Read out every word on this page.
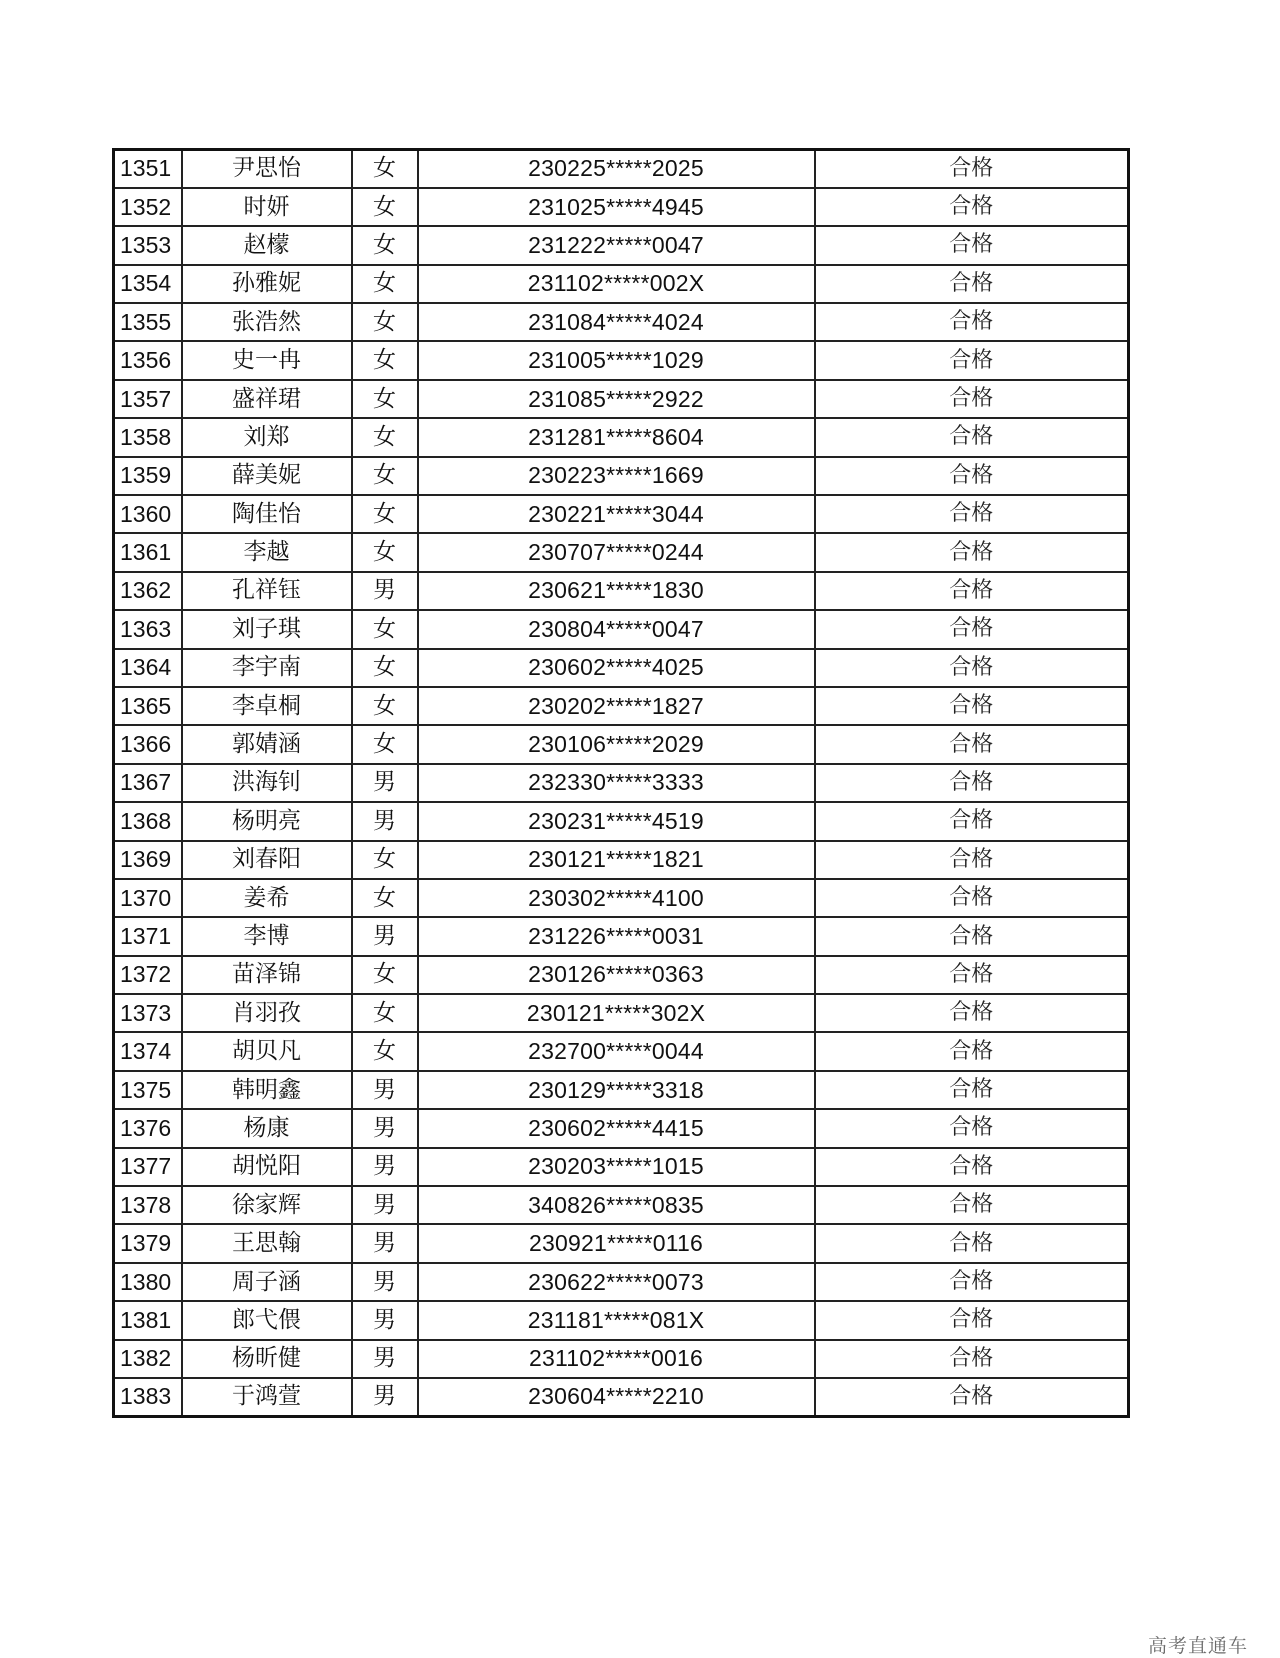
1351	尹思怡	女	230225*****2025	合格
1352	时妍	女	231025*****4945	合格
1353	赵檬	女	231222*****0047	合格
1354	孙雅妮	女	231102*****002X	合格
1355	张浩然	女	231084*****4024	合格
1356	史一冉	女	231005*****1029	合格
1357	盛祥珺	女	231085*****2922	合格
1358	刘郑	女	231281*****8604	合格
1359	薛美妮	女	230223*****1669	合格
1360	陶佳怡	女	230221*****3044	合格
1361	李越	女	230707*****0244	合格
1362	孔祥钰	男	230621*****1830	合格
1363	刘子琪	女	230804*****0047	合格
1364	李宇南	女	230602*****4025	合格
1365	李卓桐	女	230202*****1827	合格
1366	郭婧涵	女	230106*****2029	合格
1367	洪海钊	男	232330*****3333	合格
1368	杨明亮	男	230231*****4519	合格
1369	刘春阳	女	230121*****1821	合格
1370	姜希	女	230302*****4100	合格
1371	李博	男	231226*****0031	合格
1372	苗泽锦	女	230126*****0363	合格
1373	肖羽孜	女	230121*****302X	合格
1374	胡贝凡	女	232700*****0044	合格
1375	韩明鑫	男	230129*****3318	合格
1376	杨康	男	230602*****4415	合格
1377	胡悦阳	男	230203*****1015	合格
1378	徐家辉	男	340826*****0835	合格
1379	王思翰	男	230921*****0116	合格
1380	周子涵	男	230622*****0073	合格
1381	郎弋偎	男	231181*****081X	合格
1382	杨昕健	男	231102*****0016	合格
1383	于鸿萱	男	230604*****2210	合格
高考直通车
